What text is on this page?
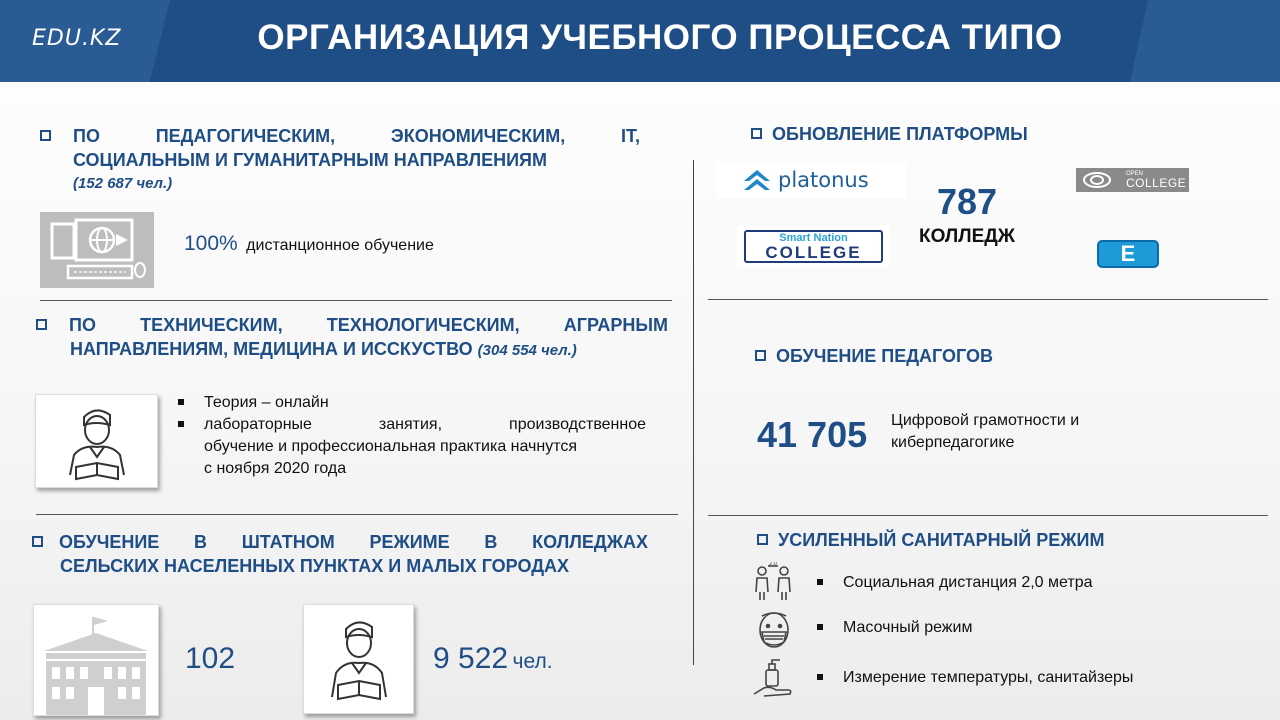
EDU.KZ	ОРГАНИЗАЦИЯ УЧЕБНОГО ПРОЦЕССА ТИПО
ПО ПЕДАГОГИЧЕСКИМ, ЭКОНОМИЧЕСКИМ, IT,
СОЦИАЛЬНЫМ И ГУМАНИТАРНЫМ НАПРАВЛЕНИЯМ
(152 687 чел.)
100% дистанционное обучение
ПО ТЕХНИЧЕСКИМ, ТЕХНОЛОГИЧЕСКИМ, АГРАРНЫМ
НАПРАВЛЕНИЯМ, МЕДИЦИНА И ИССКУСТВО (304 554 чел.)
Теория – онлайн
лабораторные занятия, производственное
обучение и профессиональная практика начнутся
с ноября 2020 года
ОБУЧЕНИЕ В ШТАТНОМ РЕЖИМЕ В КОЛЛЕДЖАХ
СЕЛЬСКИХ НАСЕЛЕННЫХ ПУНКТАХ И МАЛЫХ ГОРОДАХ
102	9 522 чел.
ОБНОВЛЕНИЕ ПЛАТФОРМЫ
platonus	OPEN
COLLEGE
787
КОЛЛЕДЖ
Smart Nation
COLLEGE	E
ОБУЧЕНИЕ ПЕДАГОГОВ
41 705 Цифровой грамотности и
киберпедагогике
УСИЛЕННЫЙ САНИТАРНЫЙ РЕЖИМ
2.0
Социальная дистанция 2,0 метра
Масочный режим
Измерение температуры, санитайзеры
